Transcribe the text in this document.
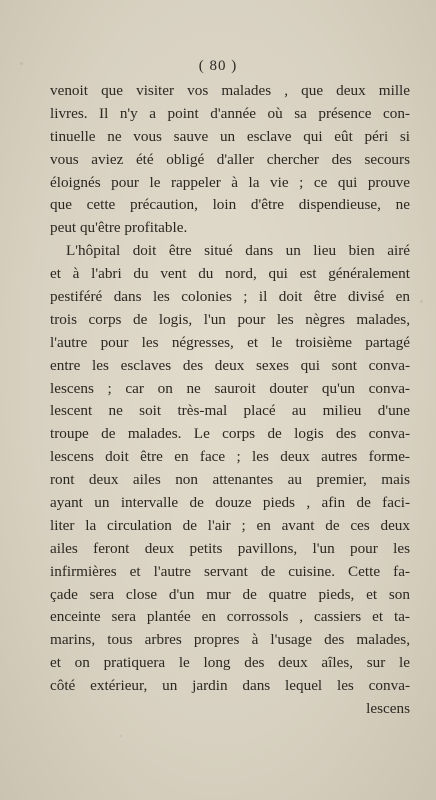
( 80 )
venoit que visiter vos malades , que deux mille
livres. Il n'y a point d'année où sa présence con-
tinuelle ne vous sauve un esclave qui eût péri si
vous aviez été obligé d'aller chercher des secours
éloignés pour le rappeler à la vie ; ce qui prouve
que cette précaution, loin d'être dispendieuse, ne
peut qu'être profitable.
L'hôpital doit être situé dans un lieu bien airé
et à l'abri du vent du nord, qui est généralement
pestiféré dans les colonies ; il doit être divisé en
trois corps de logis, l'un pour les nègres malades,
l'autre pour les négresses, et le troisième partagé
entre les esclaves des deux sexes qui sont conva-
lescens ; car on ne sauroit douter qu'un conva-
lescent ne soit très-mal placé au milieu d'une
troupe de malades. Le corps de logis des conva-
lescens doit être en face ; les deux autres forme-
ront deux ailes non attenantes au premier, mais
ayant un intervalle de douze pieds , afin de faci-
liter la circulation de l'air ; en avant de ces deux
ailes feront deux petits pavillons, l'un pour les
infirmières et l'autre servant de cuisine. Cette fa-
çade sera close d'un mur de quatre pieds, et son
enceinte sera plantée en corrossols , cassiers et ta-
marins, tous arbres propres à l'usage des malades,
et on pratiquera le long des deux aîles, sur le
côté extérieur, un jardin dans lequel les conva-
lescens
